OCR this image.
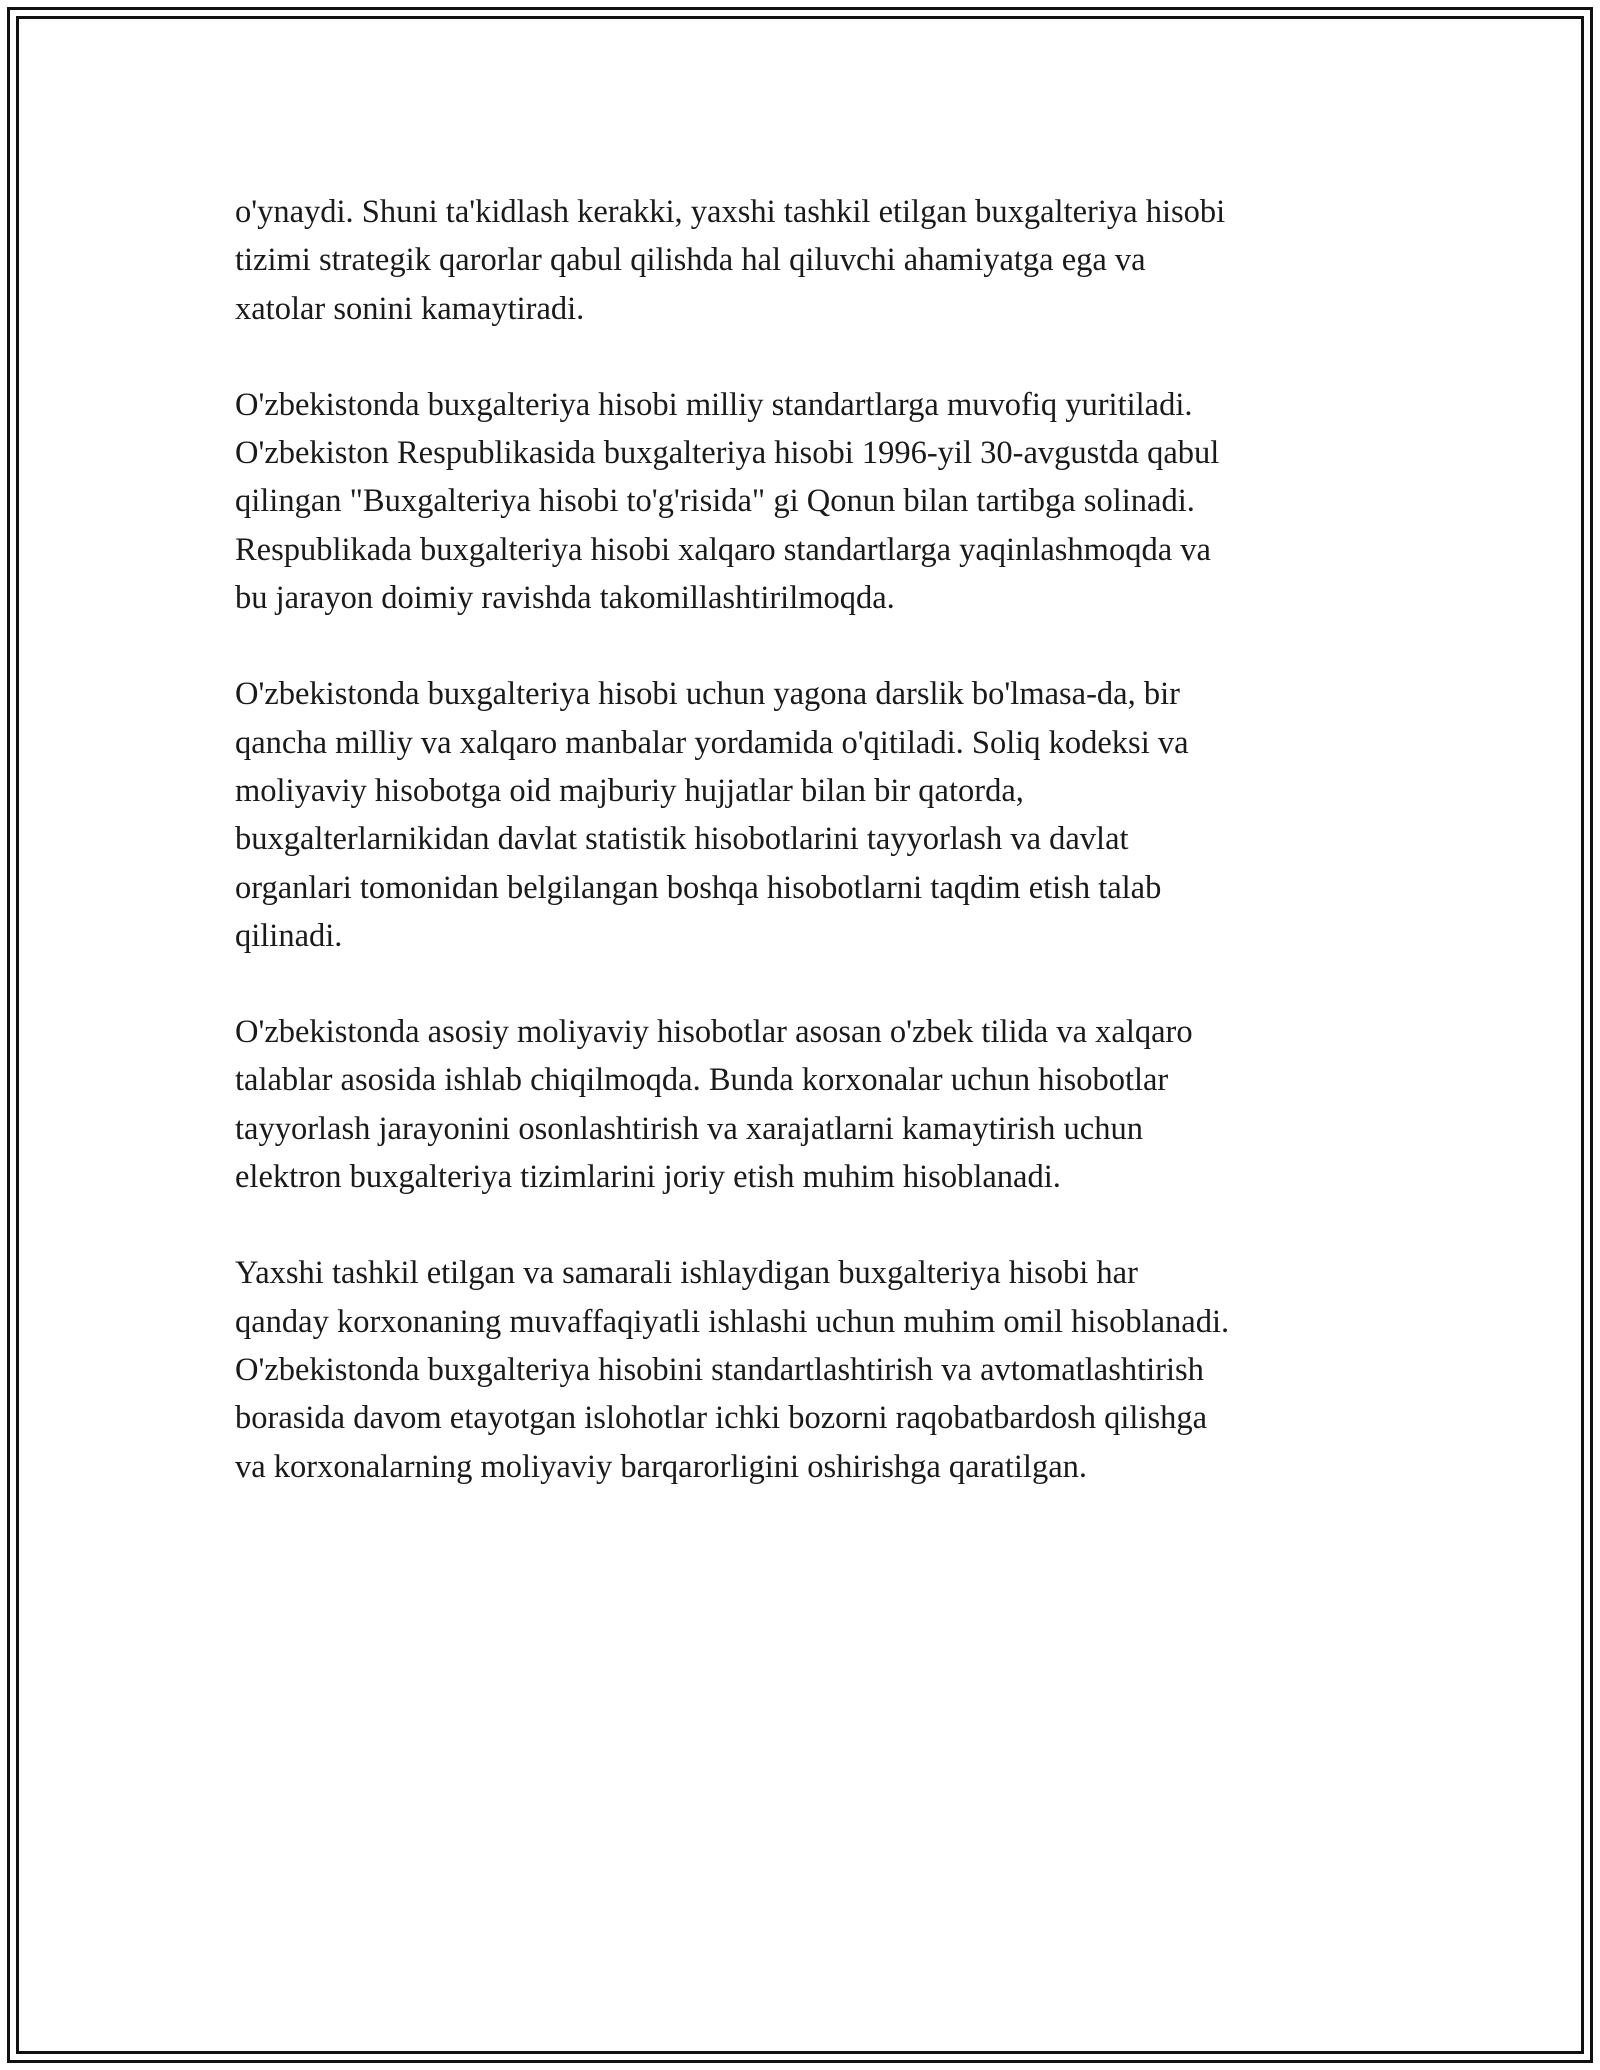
o'ynaydi. Shuni ta'kidlash kerakki, yaxshi tashkil etilgan buxgalteriya hisobi
tizimi strategik qarorlar qabul qilishda hal qiluvchi ahamiyatga ega va
xatolar sonini kamaytiradi.

O'zbekistonda buxgalteriya hisobi milliy standartlarga muvofiq yuritiladi.
O'zbekiston Respublikasida buxgalteriya hisobi 1996-yil 30-avgustda qabul
qilingan "Buxgalteriya hisobi to'g'risida" gi Qonun bilan tartibga solinadi.
Respublikada buxgalteriya hisobi xalqaro standartlarga yaqinlashmoqda va
bu jarayon doimiy ravishda takomillashtirilmoqda.

O'zbekistonda buxgalteriya hisobi uchun yagona darslik bo'lmasa-da, bir
qancha milliy va xalqaro manbalar yordamida o'qitiladi. Soliq kodeksi va
moliyaviy hisobotga oid majburiy hujjatlar bilan bir qatorda,
buxgalterlarnikidan davlat statistik hisobotlarini tayyorlash va davlat
organlari tomonidan belgilangan boshqa hisobotlarni taqdim etish talab
qilinadi.

O'zbekistonda asosiy moliyaviy hisobotlar asosan o'zbek tilida va xalqaro
talablar asosida ishlab chiqilmoqda. Bunda korxonalar uchun hisobotlar
tayyorlash jarayonini osonlashtirish va xarajatlarni kamaytirish uchun
elektron buxgalteriya tizimlarini joriy etish muhim hisoblanadi.

Yaxshi tashkil etilgan va samarali ishlaydigan buxgalteriya hisobi har
qanday korxonaning muvaffaqiyatli ishlashi uchun muhim omil hisoblanadi.
O'zbekistonda buxgalteriya hisobini standartlashtirish va avtomatlashtirish
borasida davom etayotgan islohotlar ichki bozorni raqobatbardosh qilishga
va korxonalarning moliyaviy barqarorligini oshirishga qaratilgan.
